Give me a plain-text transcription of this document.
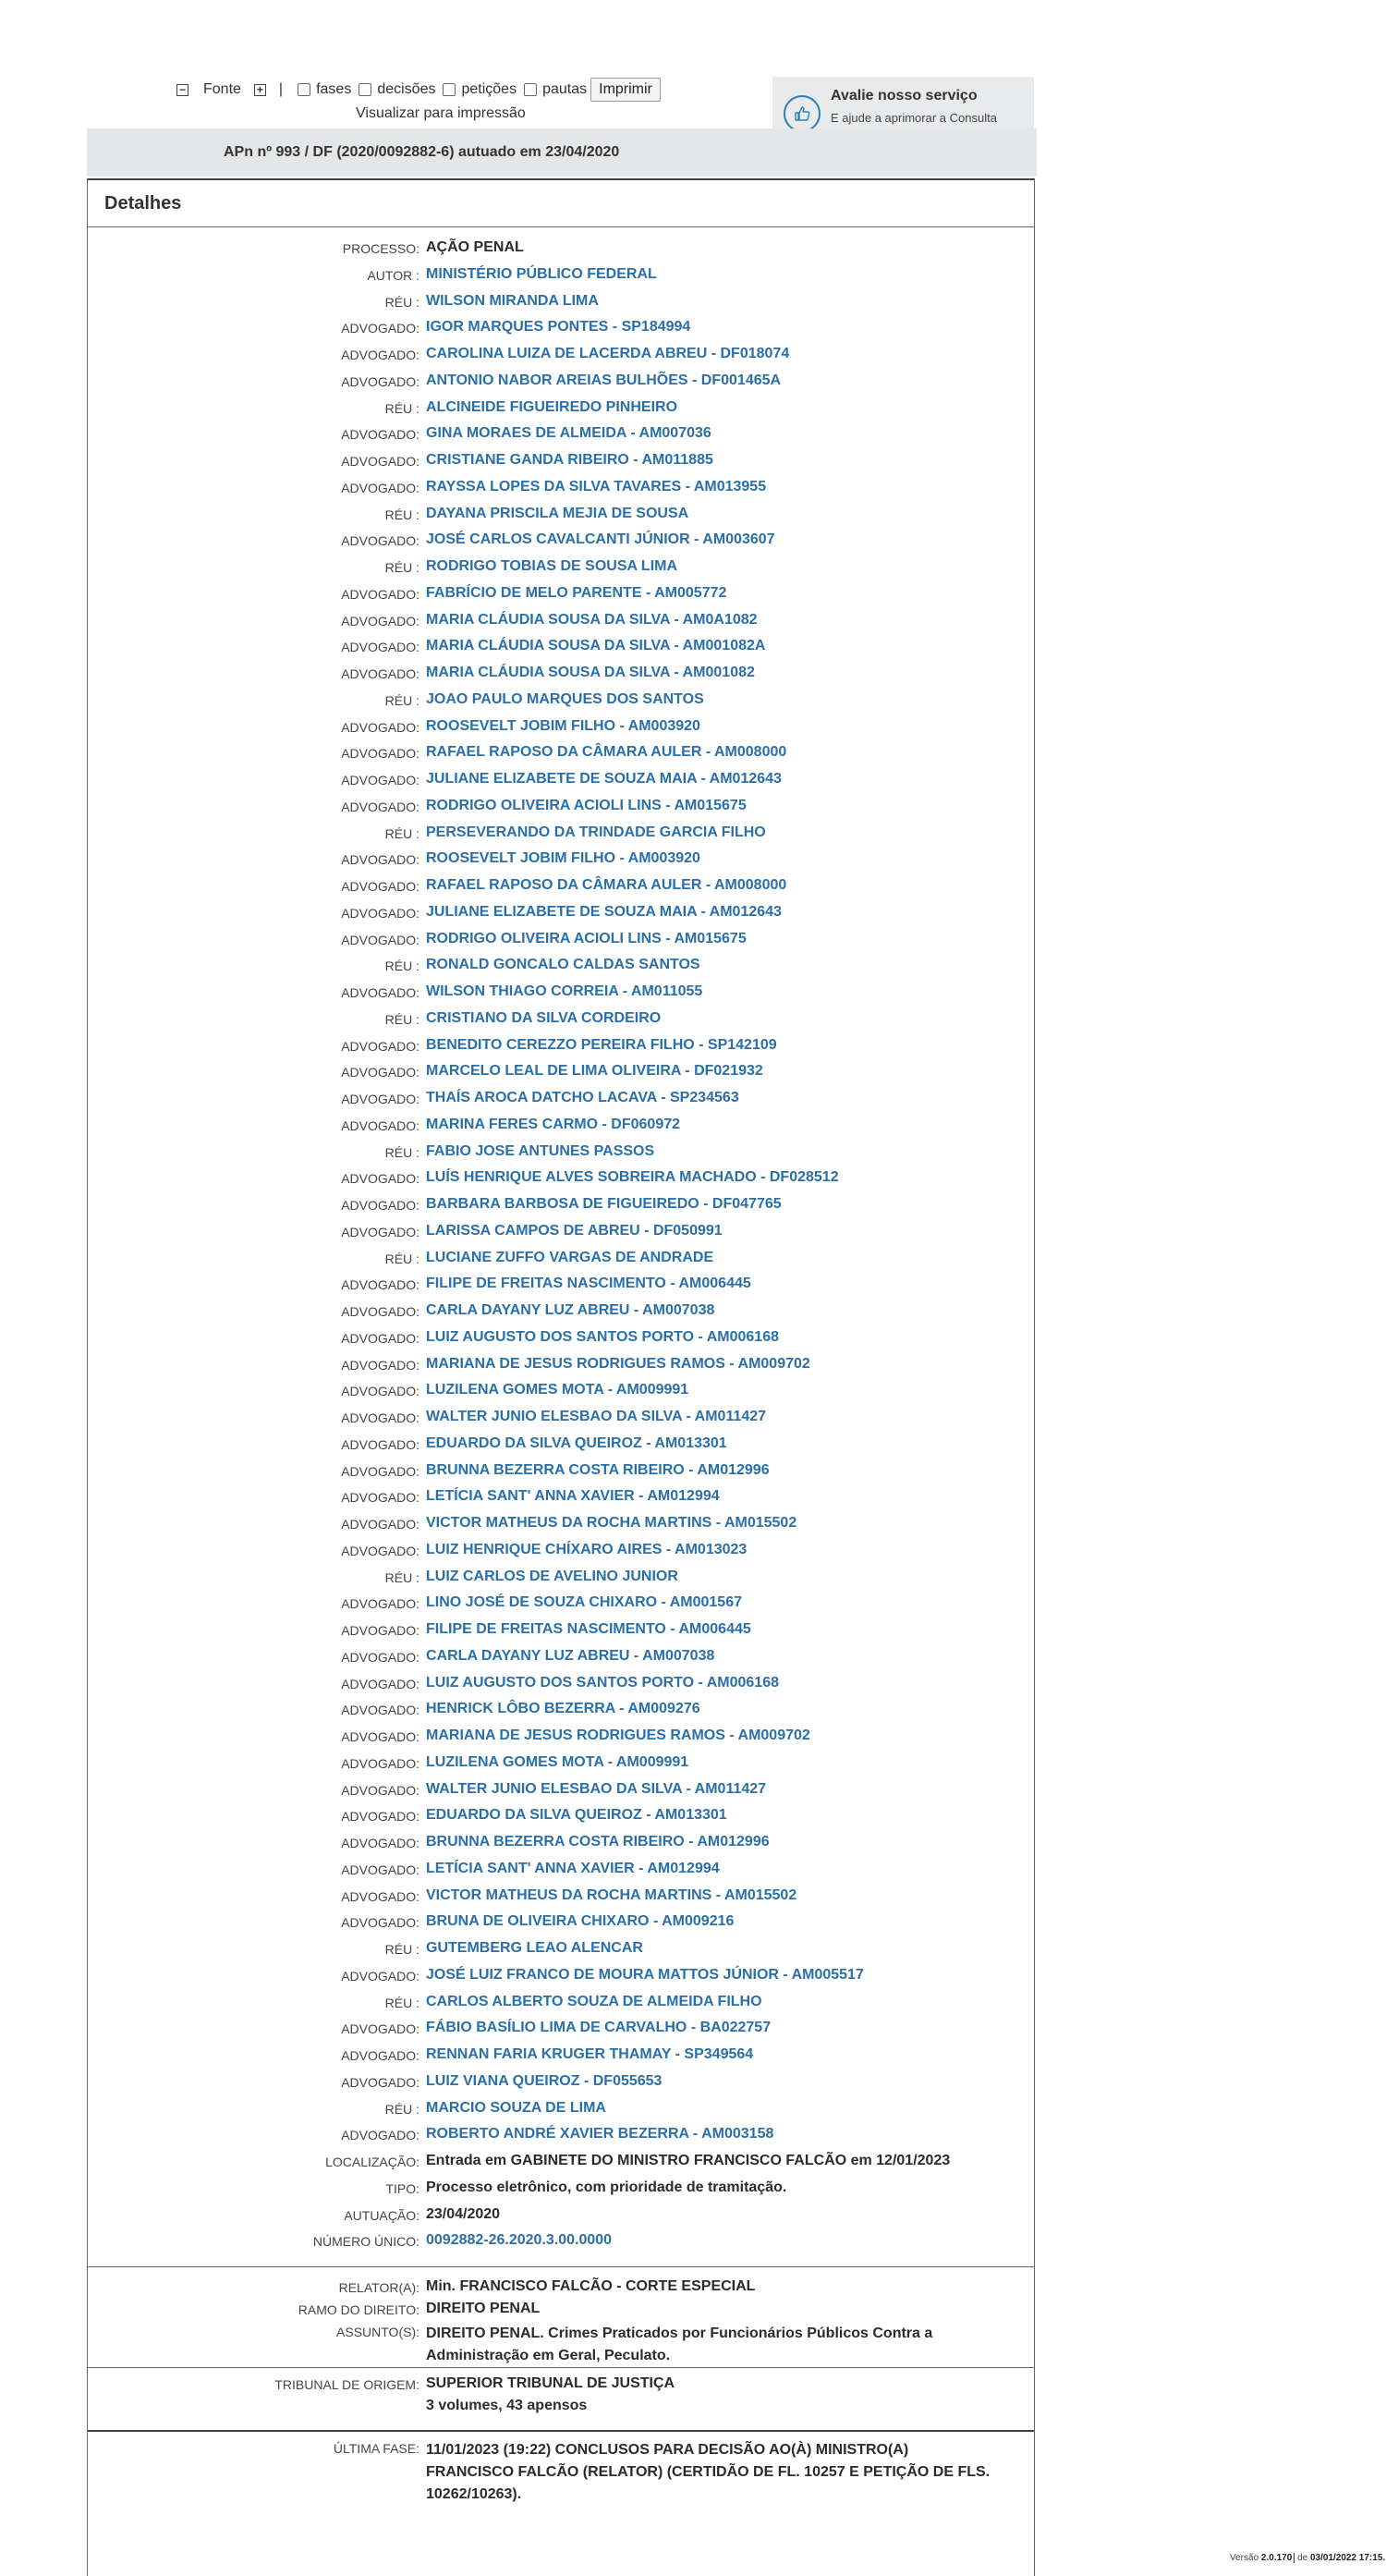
− Fonte + | fases decisões petições pautas Imprimir
Visualizar para impressão
Avalie nosso serviço
E ajude a aprimorar a Consulta
APn nº 993 / DF (2020/0092882-6) autuado em 23/04/2020
Detalhes
PROCESSO: AÇÃO PENAL
AUTOR : MINISTÉRIO PÚBLICO FEDERAL
RÉU : WILSON MIRANDA LIMA
ADVOGADO: IGOR MARQUES PONTES - SP184994
ADVOGADO: CAROLINA LUIZA DE LACERDA ABREU - DF018074
ADVOGADO: ANTONIO NABOR AREIAS BULHÕES - DF001465A
RÉU : ALCINEIDE FIGUEIREDO PINHEIRO
ADVOGADO: GINA MORAES DE ALMEIDA - AM007036
ADVOGADO: CRISTIANE GANDA RIBEIRO - AM011885
ADVOGADO: RAYSSA LOPES DA SILVA TAVARES - AM013955
RÉU : DAYANA PRISCILA MEJIA DE SOUSA
ADVOGADO: JOSÉ CARLOS CAVALCANTI JÚNIOR - AM003607
RÉU : RODRIGO TOBIAS DE SOUSA LIMA
ADVOGADO: FABRÍCIO DE MELO PARENTE - AM005772
ADVOGADO: MARIA CLÁUDIA SOUSA DA SILVA - AM0A1082
ADVOGADO: MARIA CLÁUDIA SOUSA DA SILVA - AM001082A
ADVOGADO: MARIA CLÁUDIA SOUSA DA SILVA - AM001082
RÉU : JOAO PAULO MARQUES DOS SANTOS
ADVOGADO: ROOSEVELT JOBIM FILHO - AM003920
ADVOGADO: RAFAEL RAPOSO DA CÂMARA AULER - AM008000
ADVOGADO: JULIANE ELIZABETE DE SOUZA MAIA - AM012643
ADVOGADO: RODRIGO OLIVEIRA ACIOLI LINS - AM015675
RÉU : PERSEVERANDO DA TRINDADE GARCIA FILHO
ADVOGADO: ROOSEVELT JOBIM FILHO - AM003920
ADVOGADO: RAFAEL RAPOSO DA CÂMARA AULER - AM008000
ADVOGADO: JULIANE ELIZABETE DE SOUZA MAIA - AM012643
ADVOGADO: RODRIGO OLIVEIRA ACIOLI LINS - AM015675
RÉU : RONALD GONCALO CALDAS SANTOS
ADVOGADO: WILSON THIAGO CORREIA - AM011055
RÉU : CRISTIANO DA SILVA CORDEIRO
ADVOGADO: BENEDITO CEREZZO PEREIRA FILHO - SP142109
ADVOGADO: MARCELO LEAL DE LIMA OLIVEIRA - DF021932
ADVOGADO: THAÍS AROCA DATCHO LACAVA - SP234563
ADVOGADO: MARINA FERES CARMO - DF060972
RÉU : FABIO JOSE ANTUNES PASSOS
ADVOGADO: LUÍS HENRIQUE ALVES SOBREIRA MACHADO - DF028512
ADVOGADO: BARBARA BARBOSA DE FIGUEIREDO - DF047765
ADVOGADO: LARISSA CAMPOS DE ABREU - DF050991
RÉU : LUCIANE ZUFFO VARGAS DE ANDRADE
ADVOGADO: FILIPE DE FREITAS NASCIMENTO - AM006445
ADVOGADO: CARLA DAYANY LUZ ABREU - AM007038
ADVOGADO: LUIZ AUGUSTO DOS SANTOS PORTO - AM006168
ADVOGADO: MARIANA DE JESUS RODRIGUES RAMOS - AM009702
ADVOGADO: LUZILENA GOMES MOTA - AM009991
ADVOGADO: WALTER JUNIO ELESBAO DA SILVA - AM011427
ADVOGADO: EDUARDO DA SILVA QUEIROZ - AM013301
ADVOGADO: BRUNNA BEZERRA COSTA RIBEIRO - AM012996
ADVOGADO: LETÍCIA SANT' ANNA XAVIER - AM012994
ADVOGADO: VICTOR MATHEUS DA ROCHA MARTINS - AM015502
ADVOGADO: LUIZ HENRIQUE CHÍXARO AIRES - AM013023
RÉU : LUIZ CARLOS DE AVELINO JUNIOR
ADVOGADO: LINO JOSÉ DE SOUZA CHIXARO - AM001567
ADVOGADO: FILIPE DE FREITAS NASCIMENTO - AM006445
ADVOGADO: CARLA DAYANY LUZ ABREU - AM007038
ADVOGADO: LUIZ AUGUSTO DOS SANTOS PORTO - AM006168
ADVOGADO: HENRICK LÔBO BEZERRA - AM009276
ADVOGADO: MARIANA DE JESUS RODRIGUES RAMOS - AM009702
ADVOGADO: LUZILENA GOMES MOTA - AM009991
ADVOGADO: WALTER JUNIO ELESBAO DA SILVA - AM011427
ADVOGADO: EDUARDO DA SILVA QUEIROZ - AM013301
ADVOGADO: BRUNNA BEZERRA COSTA RIBEIRO - AM012996
ADVOGADO: LETÍCIA SANT' ANNA XAVIER - AM012994
ADVOGADO: VICTOR MATHEUS DA ROCHA MARTINS - AM015502
ADVOGADO: BRUNA DE OLIVEIRA CHIXARO - AM009216
RÉU : GUTEMBERG LEAO ALENCAR
ADVOGADO: JOSÉ LUIZ FRANCO DE MOURA MATTOS JÚNIOR - AM005517
RÉU : CARLOS ALBERTO SOUZA DE ALMEIDA FILHO
ADVOGADO: FÁBIO BASÍLIO LIMA DE CARVALHO - BA022757
ADVOGADO: RENNAN FARIA KRUGER THAMAY - SP349564
ADVOGADO: LUIZ VIANA QUEIROZ - DF055653
RÉU : MARCIO SOUZA DE LIMA
ADVOGADO: ROBERTO ANDRÉ XAVIER BEZERRA - AM003158
LOCALIZAÇÃO: Entrada em GABINETE DO MINISTRO FRANCISCO FALCÃO em 12/01/2023
TIPO: Processo eletrônico, com prioridade de tramitação.
AUTUAÇÃO: 23/04/2020
NÚMERO ÚNICO: 0092882-26.2020.3.00.0000
RELATOR(A): Min. FRANCISCO FALCÃO - CORTE ESPECIAL
RAMO DO DIREITO: DIREITO PENAL
ASSUNTO(S): DIREITO PENAL. Crimes Praticados por Funcionários Públicos Contra a Administração em Geral, Peculato.
TRIBUNAL DE ORIGEM: SUPERIOR TRIBUNAL DE JUSTIÇA
3 volumes, 43 apensos
ÚLTIMA FASE: 11/01/2023 (19:22) CONCLUSOS PARA DECISÃO AO(À) MINISTRO(A) FRANCISCO FALCÃO (RELATOR) (CERTIDÃO DE FL. 10257 E PETIÇÃO DE FLS. 10262/10263).
Versão 2.0.170 de 03/01/2022 17:15.
